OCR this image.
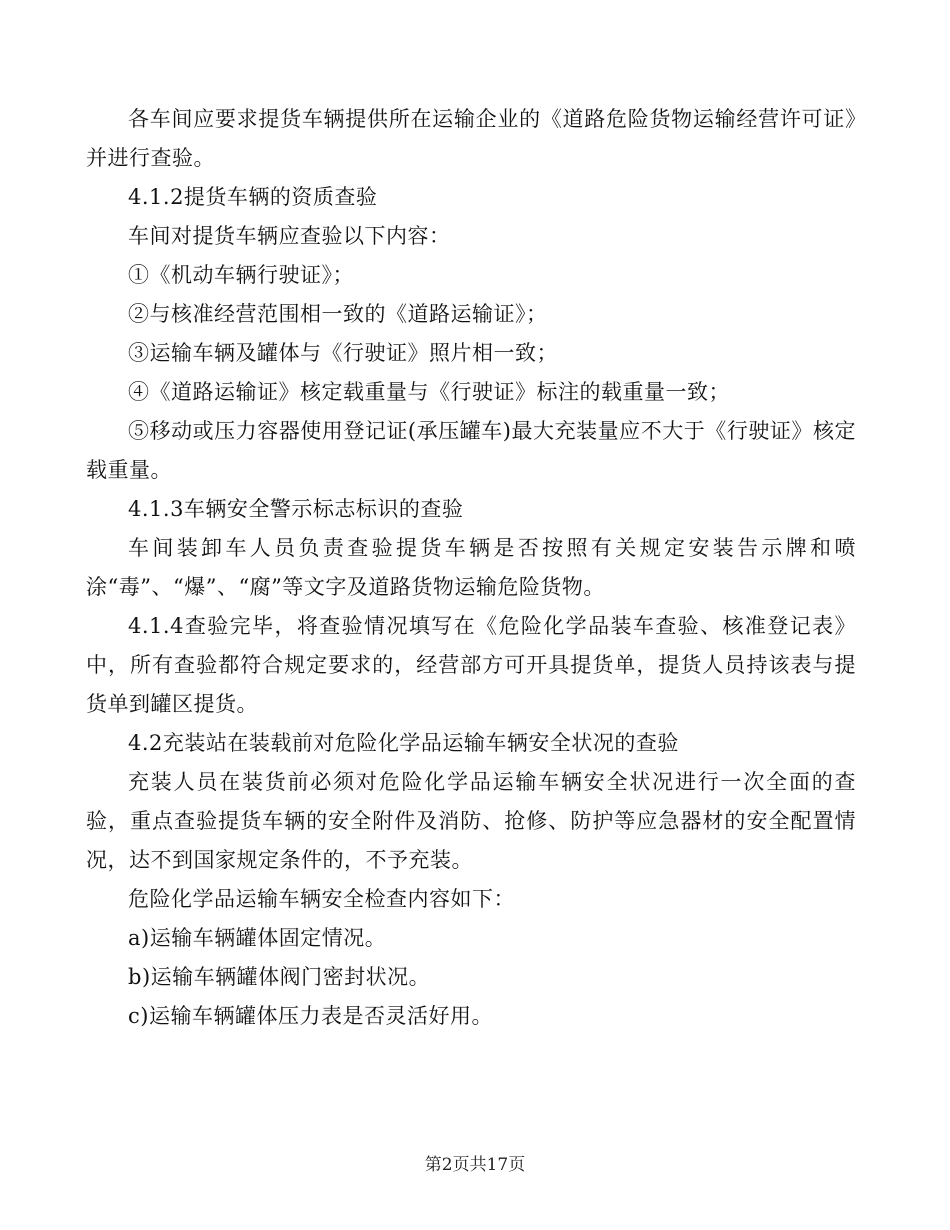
各车间应要求提货车辆提供所在运输企业的《道路危险货物运输经营许可证》并进行查验。

4.1.2提货车辆的资质查验

车间对提货车辆应查验以下内容：

①《机动车辆行驶证》；

②与核准经营范围相一致的《道路运输证》；

③运输车辆及罐体与《行驶证》照片相一致；

④《道路运输证》核定载重量与《行驶证》标注的载重量一致；

⑤移动或压力容器使用登记证(承压罐车)最大充装量应不大于《行驶证》核定载重量。

4.1.3车辆安全警示标志标识的查验

车间装卸车人员负责查验提货车辆是否按照有关规定安装告示牌和喷涂“毒”、“爆”、“腐”等文字及道路货物运输危险货物。

4.1.4查验完毕，将查验情况填写在《危险化学品装车查验、核准登记表》中，所有查验都符合规定要求的，经营部方可开具提货单，提货人员持该表与提货单到罐区提货。

4.2充装站在装载前对危险化学品运输车辆安全状况的查验

充装人员在装货前必须对危险化学品运输车辆安全状况进行一次全面的查验，重点查验提货车辆的安全附件及消防、抢修、防护等应急器材的安全配置情况，达不到国家规定条件的，不予充装。

危险化学品运输车辆安全检查内容如下：

a)运输车辆罐体固定情况。

b)运输车辆罐体阀门密封状况。

c)运输车辆罐体压力表是否灵活好用。

第2页共17页
